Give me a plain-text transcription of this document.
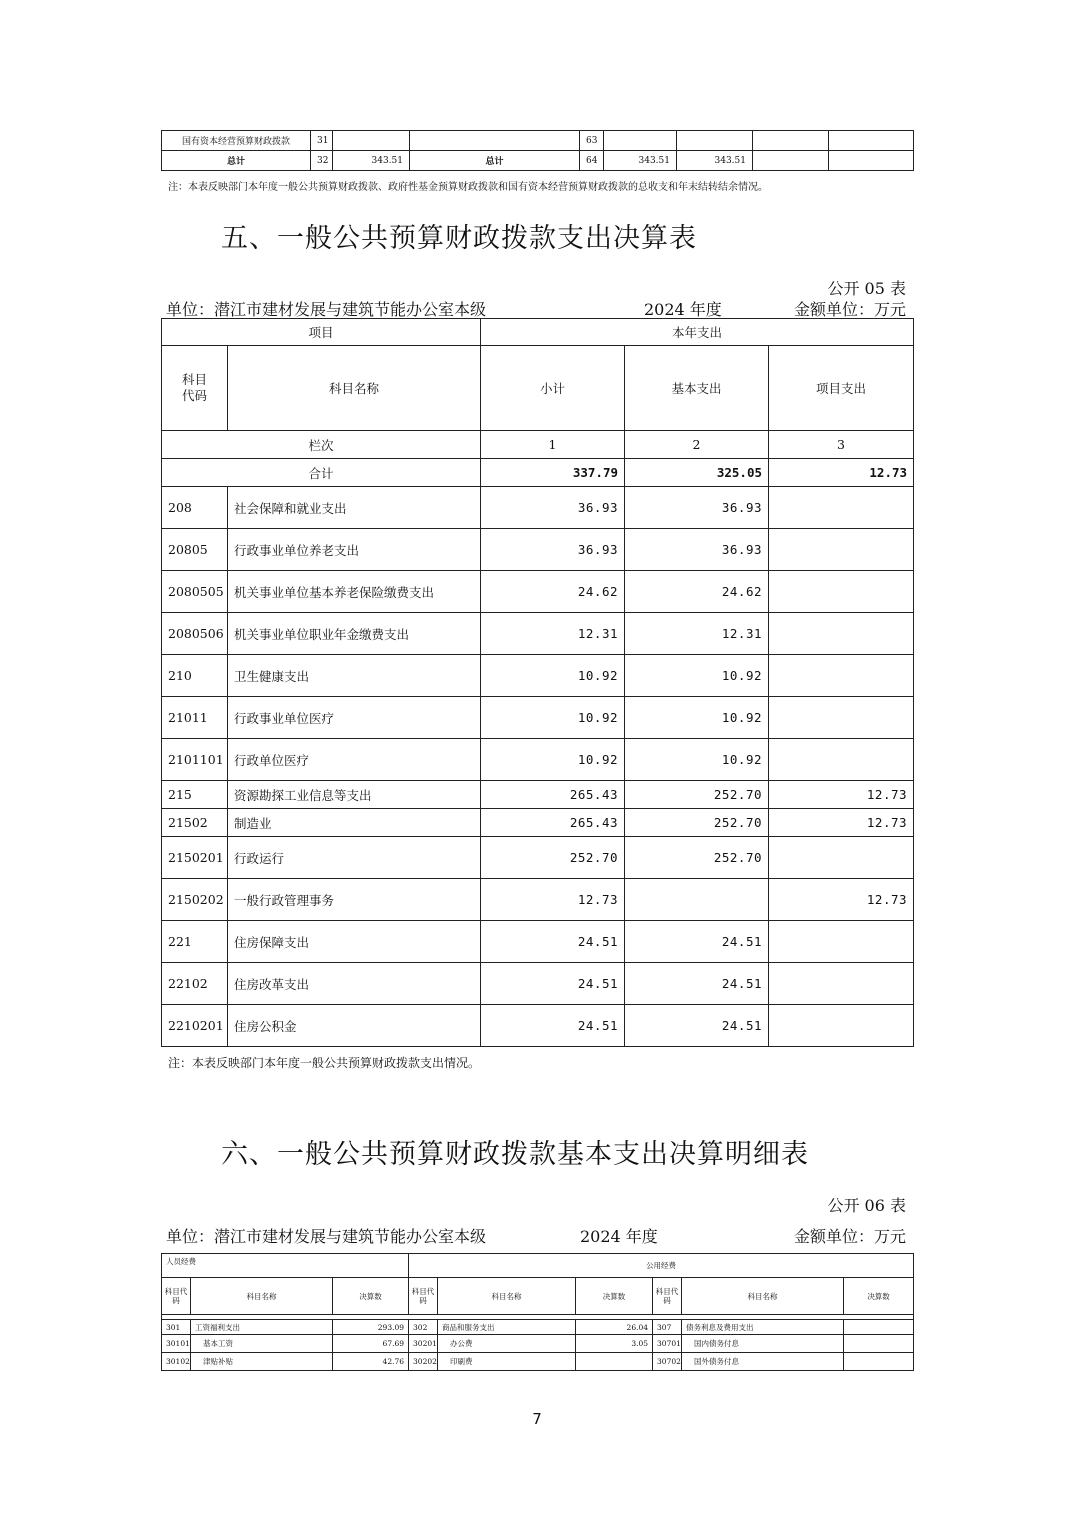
国有资本经营预算财政拨款	31			63				
总计	32	343.51	总计	64	343.51	343.51		
注：本表反映部门本年度一般公共预算财政拨款、政府性基金预算财政拨款和国有资本经营预算财政拨款的总收支和年末结转结余情况。
五、一般公共预算财政拨款支出决算表
公开 05 表
单位：潜江市建材发展与建筑节能办公室本级	2024 年度	金额单位：万元
项目		本年支出		
科目代码	科目名称	小计	基本支出	项目支出
栏次		1	2	3
合计		337.79	325.05	12.73
208	社会保障和就业支出	36.93	36.93	
20805	行政事业单位养老支出	36.93	36.93	
2080505	机关事业单位基本养老保险缴费支出	24.62	24.62	
2080506	机关事业单位职业年金缴费支出	12.31	12.31	
210	卫生健康支出	10.92	10.92	
21011	行政事业单位医疗	10.92	10.92	
2101101	行政单位医疗	10.92	10.92	
215	资源勘探工业信息等支出	265.43	252.70	12.73
21502	制造业	265.43	252.70	12.73
2150201	行政运行	252.70	252.70	
2150202	一般行政管理事务	12.73		12.73
221	住房保障支出	24.51	24.51	
22102	住房改革支出	24.51	24.51	
2210201	住房公积金	24.51	24.51	
注：本表反映部门本年度一般公共预算财政拨款支出情况。
六、一般公共预算财政拨款基本支出决算明细表
公开 06 表
单位：潜江市建材发展与建筑节能办公室本级	2024 年度	金额单位：万元
人员经费			公用经费					
科目代码	科目名称	决算数	科目代码	科目名称	决算数	科目代码	科目名称	决算数

301	工资福利支出	293.09	302	商品和服务支出	26.04	307	债务利息及费用支出	
30101	基本工资	67.69	30201	办公费	3.05	30701	国内债务付息	
30102	津贴补贴	42.76	30202	印刷费		30702	国外债务付息	
7
